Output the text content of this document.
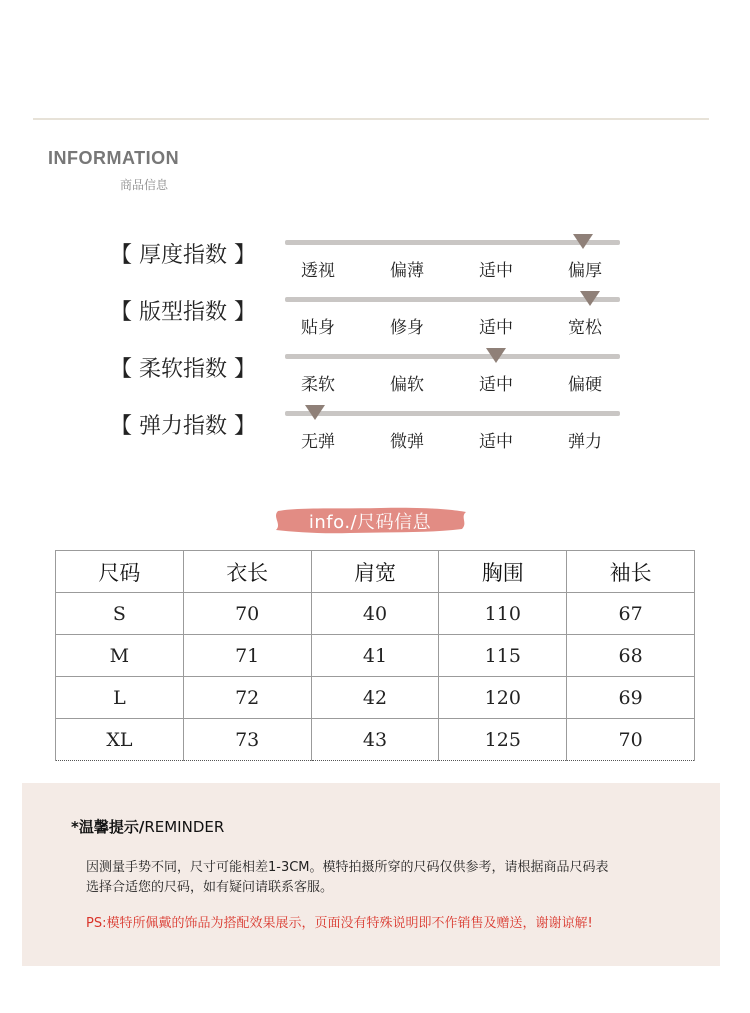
INFORMATION
商品信息
【 厚度指数 】
透视	偏薄	适中	偏厚
【 版型指数 】
贴身	修身	适中	宽松
【 柔软指数 】
柔软	偏软	适中	偏硬
【 弹力指数 】
无弹	微弹	适中	弹力
info./尺码信息
尺码	衣长	肩宽	胸围	袖长
S	70	40	110	67
M	71	41	115	68
L	72	42	120	69
XL	73	43	125	70
*温馨提示/REMINDER
因测量手势不同，尺寸可能相差1-3CM。模特拍摄所穿的尺码仅供参考，请根据商品尺码表
选择合适您的尺码，如有疑问请联系客服。
PS:模特所佩戴的饰品为搭配效果展示，页面没有特殊说明即不作销售及赠送，谢谢谅解!
